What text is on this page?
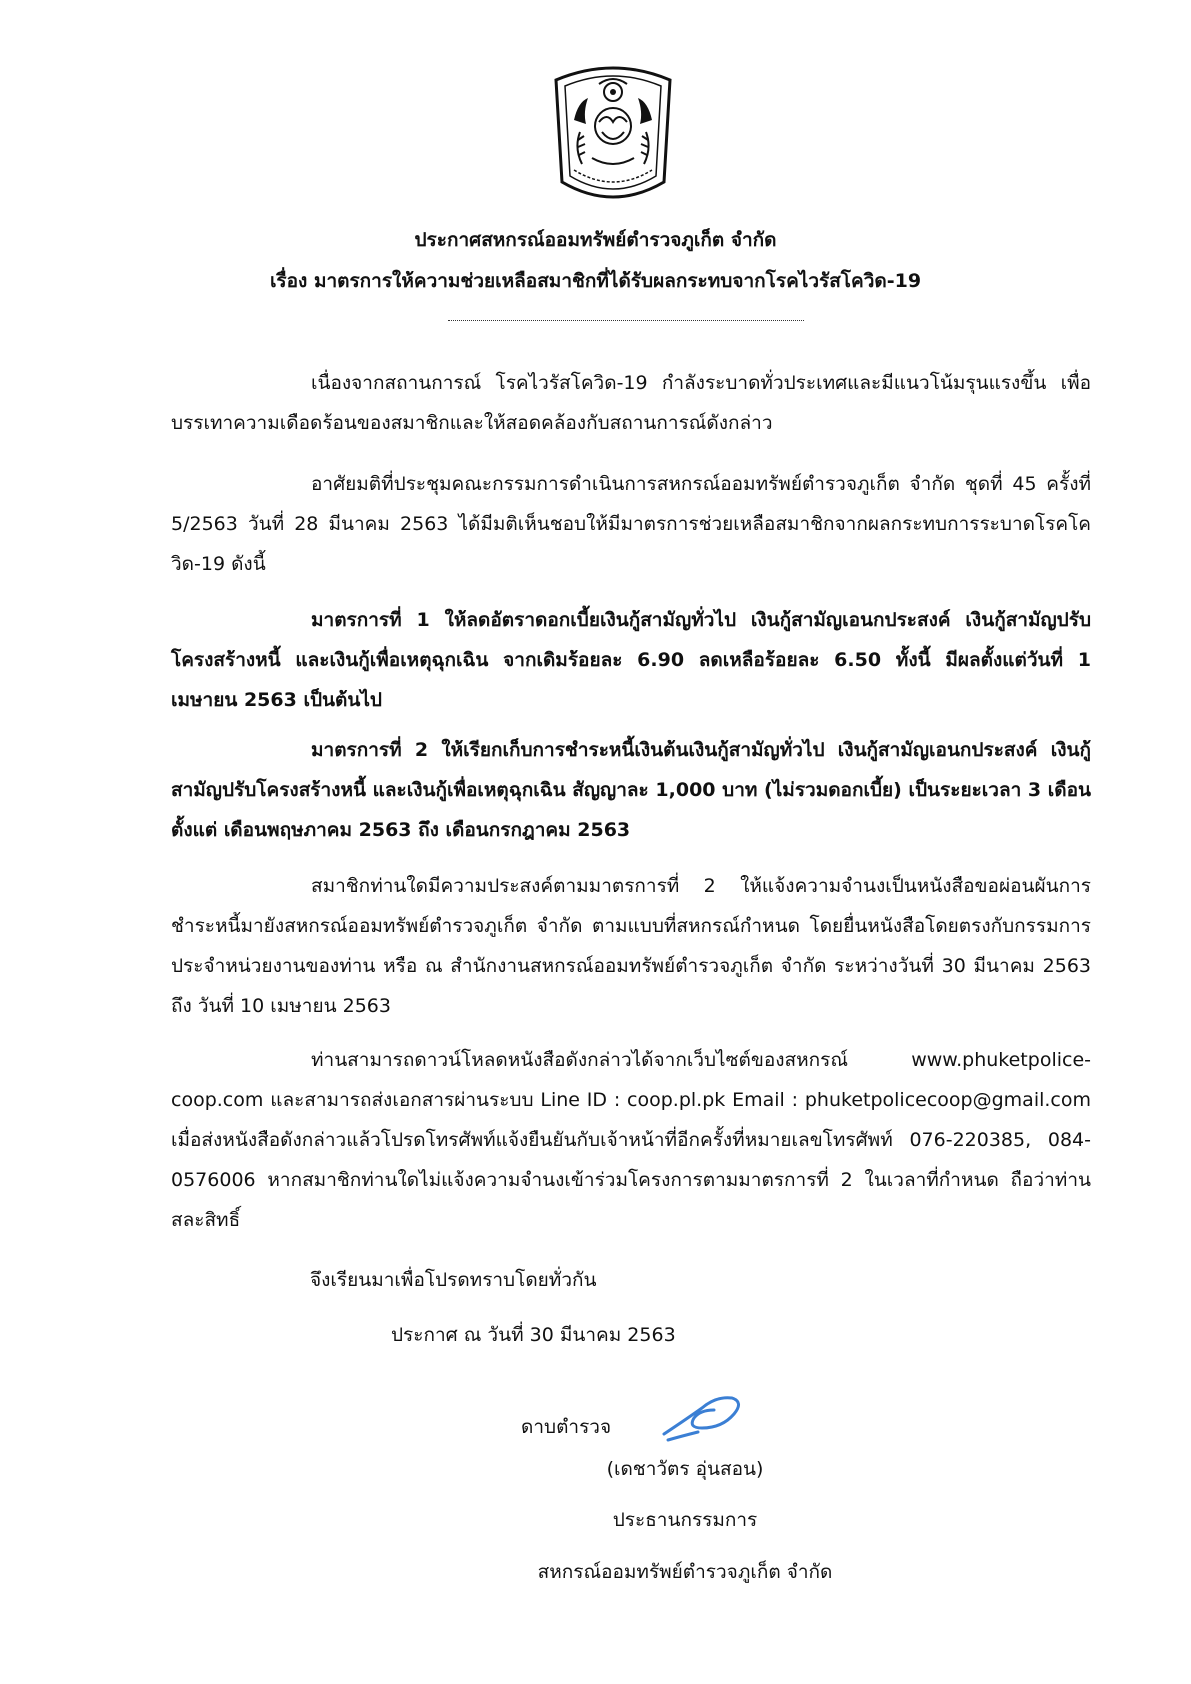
ประกาศสหกรณ์ออมทรัพย์ตำรวจภูเก็ต จำกัด
เรื่อง มาตรการให้ความช่วยเหลือสมาชิกที่ได้รับผลกระทบจากโรคไวรัสโควิด-19

เนื่องจากสถานการณ์ โรคไวรัสโควิด-19 กำลังระบาดทั่วประเทศและมีแนวโน้มรุนแรงขึ้น เพื่อบรรเทาความเดือดร้อนของสมาชิกและให้สอดคล้องกับสถานการณ์ดังกล่าว

อาศัยมติที่ประชุมคณะกรรมการดำเนินการสหกรณ์ออมทรัพย์ตำรวจภูเก็ต จำกัด ชุดที่ 45 ครั้งที่ 5/2563 วันที่ 28 มีนาคม 2563 ได้มีมติเห็นชอบให้มีมาตรการช่วยเหลือสมาชิกจากผลกระทบการระบาดโรคโควิด-19 ดังนี้

มาตรการที่ 1 ให้ลดอัตราดอกเบี้ยเงินกู้สามัญทั่วไป เงินกู้สามัญเอนกประสงค์ เงินกู้สามัญปรับโครงสร้างหนี้ และเงินกู้เพื่อเหตุฉุกเฉิน จากเดิมร้อยละ 6.90 ลดเหลือร้อยละ 6.50 ทั้งนี้ มีผลตั้งแต่วันที่ 1 เมษายน 2563 เป็นต้นไป

มาตรการที่ 2 ให้เรียกเก็บการชำระหนี้เงินต้นเงินกู้สามัญทั่วไป เงินกู้สามัญเอนกประสงค์ เงินกู้สามัญปรับโครงสร้างหนี้ และเงินกู้เพื่อเหตุฉุกเฉิน สัญญาละ 1,000 บาท (ไม่รวมดอกเบี้ย) เป็นระยะเวลา 3 เดือน ตั้งแต่ เดือนพฤษภาคม 2563 ถึง เดือนกรกฎาคม 2563

สมาชิกท่านใดมีความประสงค์ตามมาตรการที่ 2 ให้แจ้งความจำนงเป็นหนังสือขอผ่อนผันการชำระหนี้มายังสหกรณ์ออมทรัพย์ตำรวจภูเก็ต จำกัด ตามแบบที่สหกรณ์กำหนด โดยยื่นหนังสือโดยตรงกับกรรมการประจำหน่วยงานของท่าน หรือ ณ สำนักงานสหกรณ์ออมทรัพย์ตำรวจภูเก็ต จำกัด ระหว่างวันที่ 30 มีนาคม 2563 ถึง วันที่ 10 เมษายน 2563

ท่านสามารถดาวน์โหลดหนังสือดังกล่าวได้จากเว็บไซต์ของสหกรณ์ www.phuketpolice-coop.com และสามารถส่งเอกสารผ่านระบบ Line ID : coop.pl.pk Email : phuketpolicecoop@gmail.com เมื่อส่งหนังสือดังกล่าวแล้วโปรดโทรศัพท์แจ้งยืนยันกับเจ้าหน้าที่อีกครั้งที่หมายเลขโทรศัพท์ 076-220385, 084-0576006 หากสมาชิกท่านใดไม่แจ้งความจำนงเข้าร่วมโครงการตามมาตรการที่ 2 ในเวลาที่กำหนด ถือว่าท่านสละสิทธิ์

จึงเรียนมาเพื่อโปรดทราบโดยทั่วกัน
ประกาศ ณ วันที่ 30 มีนาคม 2563
ดาบตำรวจ
(เดชาวัตร อุ่นสอน)
ประธานกรรมการ
สหกรณ์ออมทรัพย์ตำรวจภูเก็ต จำกัด
